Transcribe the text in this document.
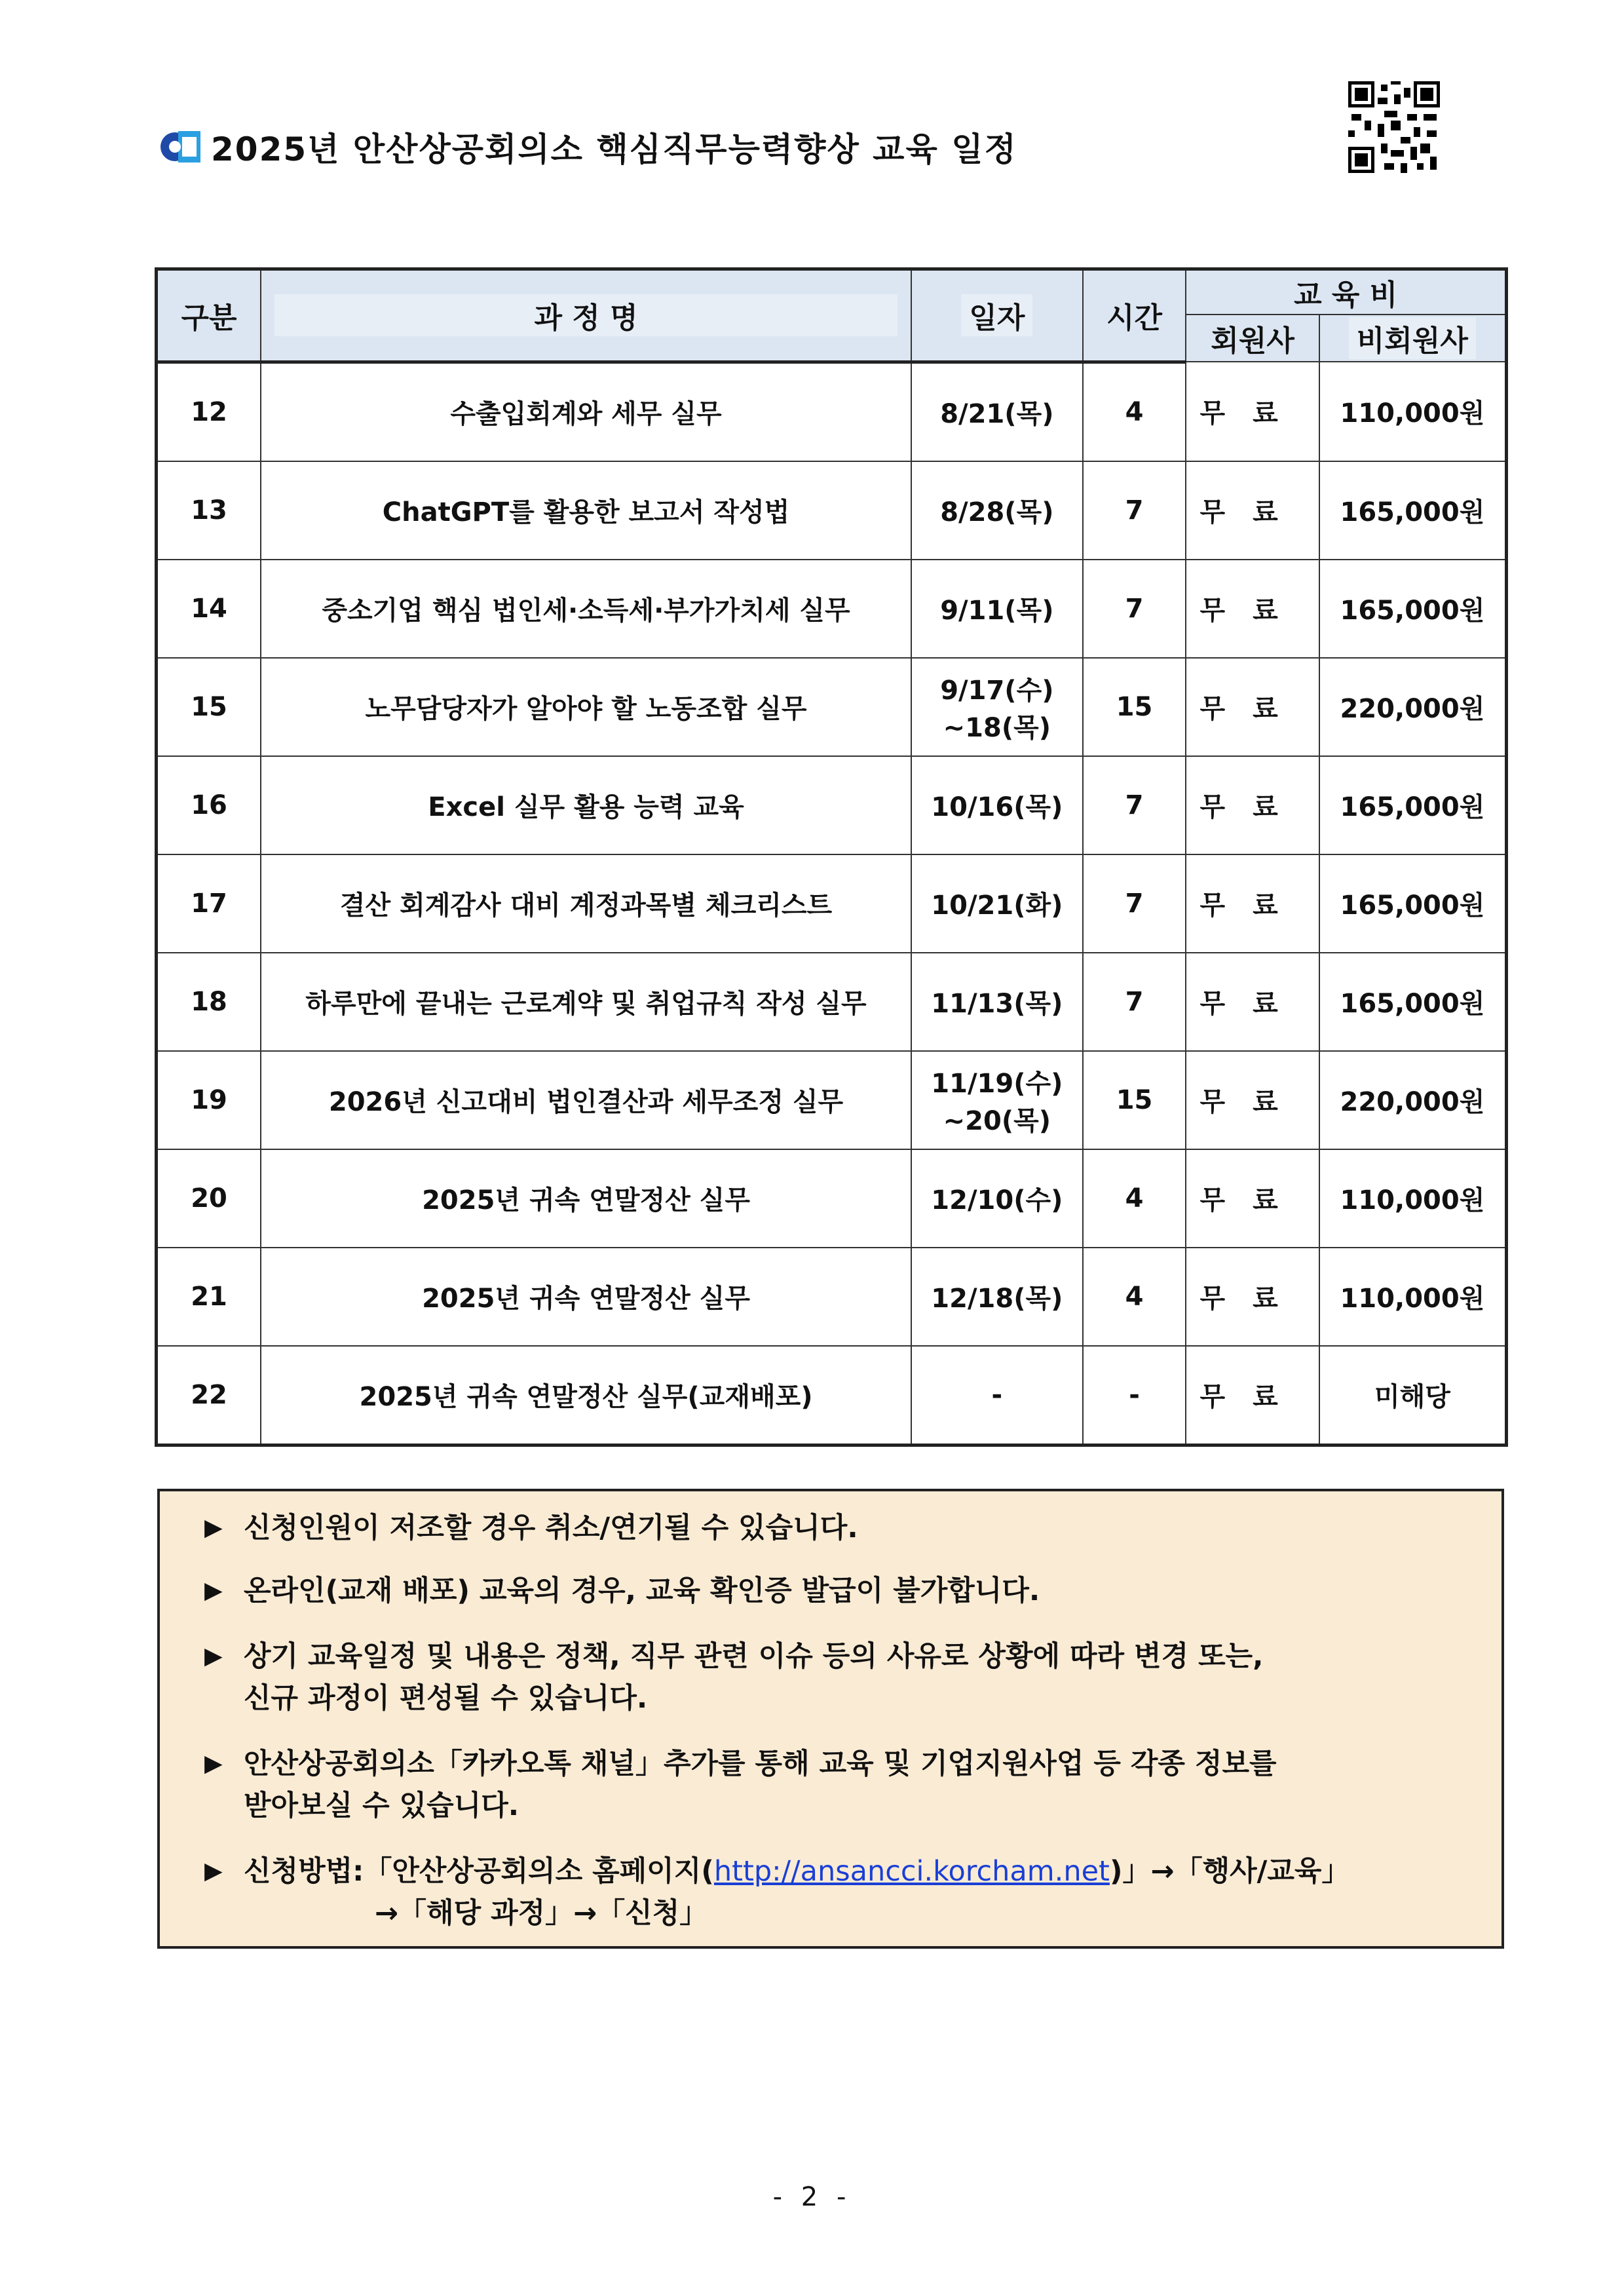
2025년 안산상공회의소 핵심직무능력향상 교육 일정
구분	과 정 명	일자	시간	교 육 비	
				회원사	비회원사
12	수출입회계와 세무 실무	8/21(목)	4	무료	110,000원
13	ChatGPT를 활용한 보고서 작성법	8/28(목)	7	무료	165,000원
14	중소기업 핵심 법인세·소득세·부가가치세 실무	9/11(목)	7	무료	165,000원
15	노무담당자가 알아야 할 노동조합 실무	9/17(수)
~18(목)	15	무료	220,000원
16	Excel 실무 활용 능력 교육	10/16(목)	7	무료	165,000원
17	결산 회계감사 대비 계정과목별 체크리스트	10/21(화)	7	무료	165,000원
18	하루만에 끝내는 근로계약 및 취업규칙 작성 실무	11/13(목)	7	무료	165,000원
19	2026년 신고대비 법인결산과 세무조정 실무	11/19(수)
~20(목)	15	무료	220,000원
20	2025년 귀속 연말정산 실무	12/10(수)	4	무료	110,000원
21	2025년 귀속 연말정산 실무	12/18(목)	4	무료	110,000원
22	2025년 귀속 연말정산 실무(교재배포)	-	-	무료	미해당
▶ 신청인원이 저조할 경우 취소/연기될 수 있습니다.
▶ 온라인(교재 배포) 교육의 경우, 교육 확인증 발급이 불가합니다.
▶ 상기 교육일정 및 내용은 정책, 직무 관련 이슈 등의 사유로 상황에 따라 변경 또는,
신규 과정이 편성될 수 있습니다.
▶ 안산상공회의소「카카오톡 채널」추가를 통해 교육 및 기업지원사업 등 각종 정보를
받아보실 수 있습니다.
▶ 신청방법:「안산상공회의소 홈페이지(http://ansancci.korcham.net)」→「행사/교육」
→「해당 과정」→「신청」
- 2 -
